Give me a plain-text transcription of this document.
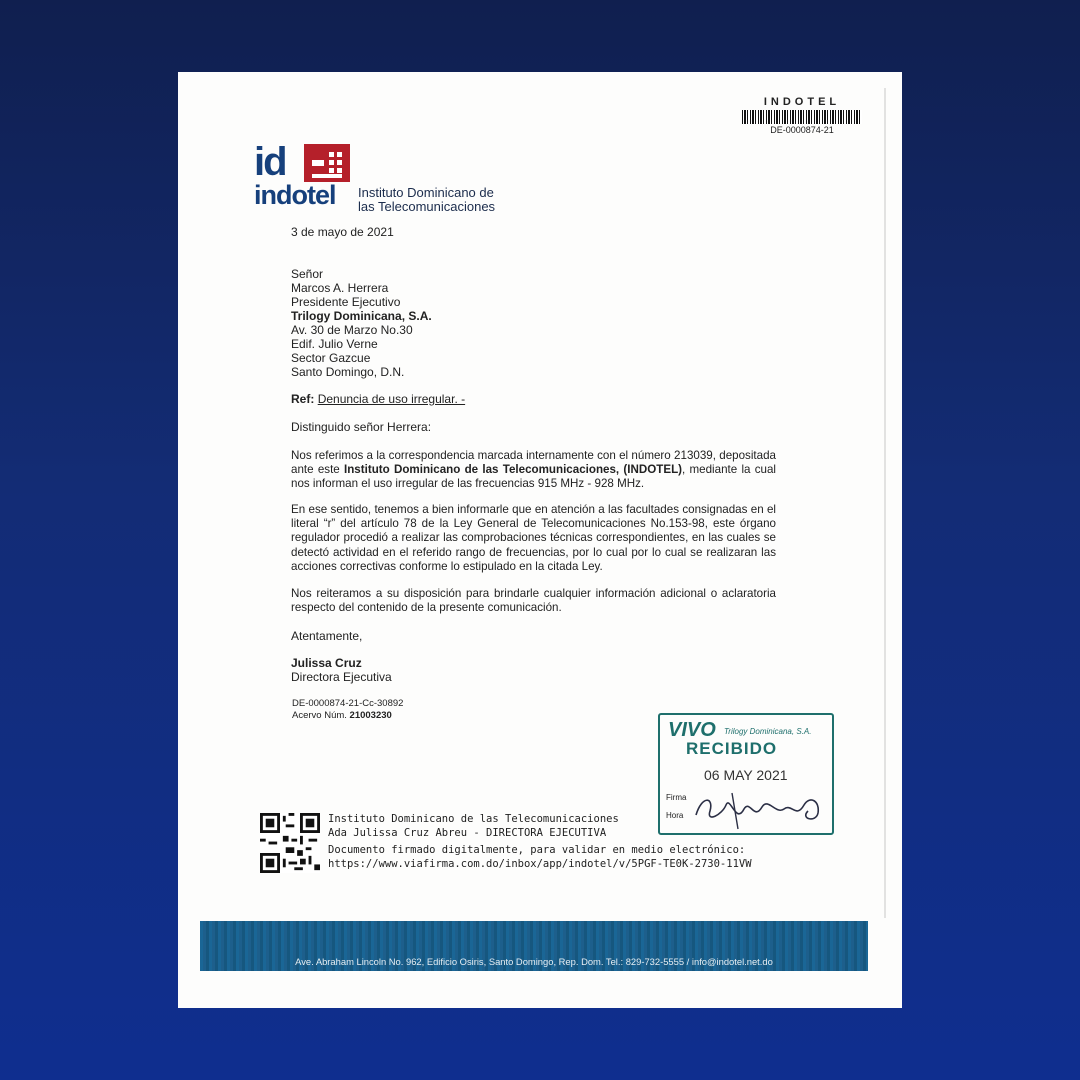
INDOTEL
DE-0000874-21
id
indotel Instituto Dominicano de
las Telecomunicaciones
3 de mayo de 2021
Señor
Marcos A. Herrera
Presidente Ejecutivo
Trilogy Dominicana, S.A.
Av. 30 de Marzo No.30
Edif. Julio Verne
Sector Gazcue
Santo Domingo, D.N.
Ref: Denuncia de uso irregular. -
Distinguido señor Herrera:
Nos referimos a la correspondencia marcada internamente con el número 213039, depositada ante este Instituto Dominicano de las Telecomunicaciones, (INDOTEL), mediante la cual nos informan el uso irregular de las frecuencias 915 MHz - 928 MHz.
En ese sentido, tenemos a bien informarle que en atención a las facultades consignadas en el literal “r” del artículo 78 de la Ley General de Telecomunicaciones No.153-98, este órgano regulador procedió a realizar las comprobaciones técnicas correspondientes, en las cuales se detectó actividad en el referido rango de frecuencias, por lo cual por lo cual se realizaran las acciones correctivas conforme lo estipulado en la citada Ley.
Nos reiteramos a su disposición para brindarle cualquier información adicional o aclaratoria respecto del contenido de la presente comunicación.
Atentamente,
Julissa Cruz
Directora Ejecutiva
DE-0000874-21-Cc-30892
Acervo Núm. 21003230
VIVO Trilogy Dominicana, S.A.
RECIBIDO
06 MAY 2021
Firma
Hora
Instituto Dominicano de las Telecomunicaciones
Ada Julissa Cruz Abreu - DIRECTORA EJECUTIVA
Documento firmado digitalmente, para validar en medio electrónico:
https://www.viafirma.com.do/inbox/app/indotel/v/5PGF-TE0K-2730-11VW
Ave. Abraham Lincoln No. 962, Edificio Osiris, Santo Domingo, Rep. Dom. Tel.: 829-732-5555 / info@indotel.net.do
